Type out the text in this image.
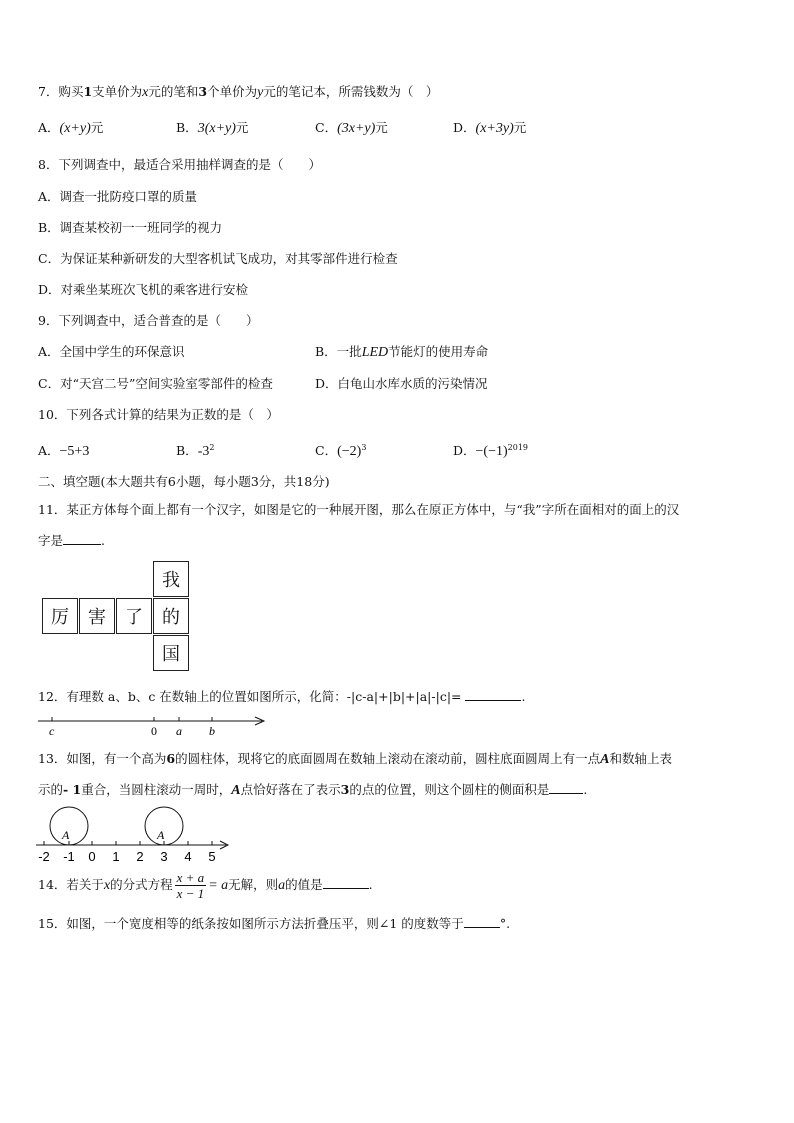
7．购买1支单价为x元的笔和3个单价为y元的笔记本，所需钱数为（　）
A．(x+y)元	B．3(x+y)元	C．(3x+y)元	D．(x+3y)元
8．下列调查中，最适合采用抽样调查的是（　　）
A．调查一批防疫口罩的质量
B．调查某校初一一班同学的视力
C．为保证某种新研发的大型客机试飞成功，对其零部件进行检查
D．对乘坐某班次飞机的乘客进行安检
9．下列调查中，适合普查的是（　　）
A．全国中学生的环保意识	B．一批LED节能灯的使用寿命
C．对“天宫二号”空间实验室零部件的检查	D．白龟山水库水质的污染情况
10．下列各式计算的结果为正数的是（　）
A．−5+3	B．$-3^2$	C．$(-2)^3$	D．$-(-1)^{2019}$
二、填空题(本大题共有6小题，每小题3分，共18分)
11．某正方体每个面上都有一个汉字，如图是它的一种展开图，那么在原正方体中，与“我”字所在面相对的面上的汉
字是	.
我
厉	害	了	的
国
12．有理数 a、b、c 在数轴上的位置如图所示，化简：-|c-a|+|b|+|a|-|c|=	.
c	0 a b
13．如图，有一个高为6的圆柱体，现将它的底面圆周在数轴上滚动在滚动前，圆柱底面圆周上有一点A和数轴上表
示的- 1重合，当圆柱滚动一周时，A点恰好落在了表示3的点的位置，则这个圆柱的侧面积是	.
A	A
-2 -1 0 1 2 3 4 5
14．若关于x的分式方程 $\frac{x + a}{x - 1} = a$无解，则a的值是	.
15．如图，一个宽度相等的纸条按如图所示方法折叠压平，则∠1 的度数等于	°.
